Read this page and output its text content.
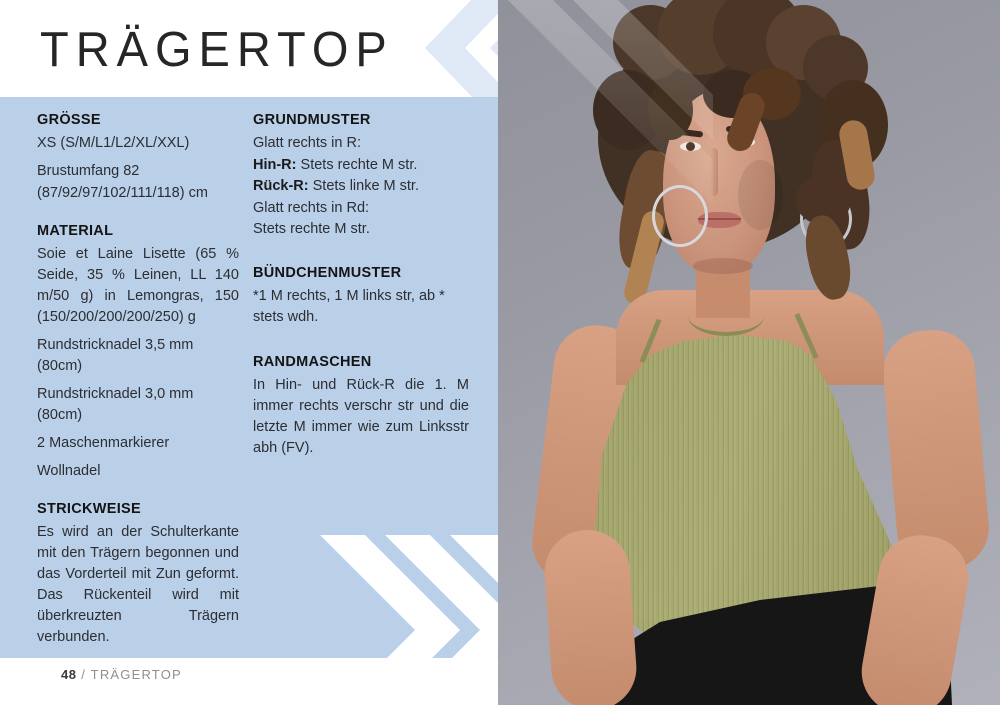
TRÄGERTOP
GRÖSSE

XS (S/M/L1/L2/XL/XXL)

Brustumfang 82
(87/92/97/102/111/118) cm

MATERIAL

Soie et Laine Lisette (65 % Seide, 35 % Leinen, LL 140 m/50 g) in Lemongras, 150 (150/200/200/200/250) g

Rundstricknadel 3,5 mm (80cm)

Rundstricknadel 3,0 mm (80cm)

2 Maschenmarkierer

Wollnadel

STRICKWEISE

Es wird an der Schulterkante mit den Trägern begonnen und das Vorderteil mit Zun geformt. Das Rückenteil wird mit überkreuzten Trägern verbunden.

GRUNDMUSTER
Glatt rechts in R:
Hin-R: Stets rechte M str.
Rück-R: Stets linke M str.
Glatt rechts in Rd:
Stets rechte M str.
BÜNDCHENMUSTER

*1 M rechts, 1 M links str, ab * stets wdh.

RANDMASCHEN

In Hin- und Rück-R die 1. M immer rechts verschr str und die letzte M immer wie zum Linksstr abh (FV).

48 / TRÄGERTOP
